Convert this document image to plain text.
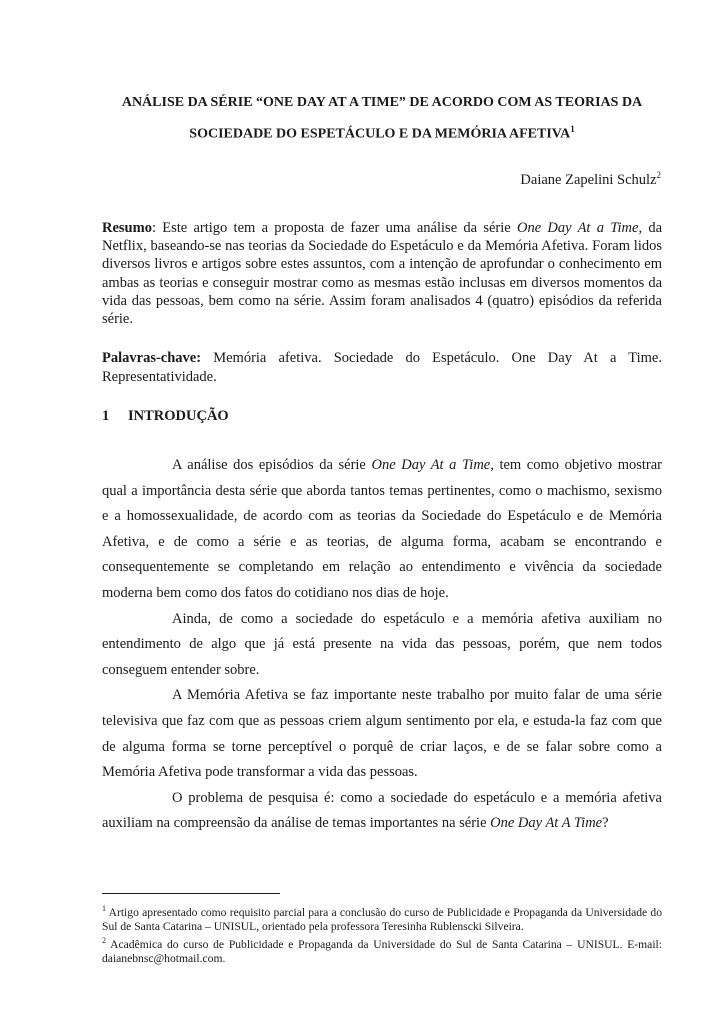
ANÁLISE DA SÉRIE “ONE DAY AT A TIME” DE ACORDO COM AS TEORIAS DA
SOCIEDADE DO ESPETÁCULO E DA MEMÓRIA AFETIVA$^1$
Daiane Zapelini Schulz$^2$
Resumo: Este artigo tem a proposta de fazer uma análise da série One Day At a Time, da Netflix, baseando-se nas teorias da Sociedade do Espetáculo e da Memória Afetiva. Foram lidos diversos livros e artigos sobre estes assuntos, com a intenção de aprofundar o conhecimento em ambas as teorias e conseguir mostrar como as mesmas estão inclusas em diversos momentos da vida das pessoas, bem como na série. Assim foram analisados 4 (quatro) episódios da referida série.
Palavras-chave: Memória afetiva. Sociedade do Espetáculo. One Day At a Time. Representatividade.
1 INTRODUÇÃO

A análise dos episódios da série One Day At a Time, tem como objetivo mostrar qual a importância desta série que aborda tantos temas pertinentes, como o machismo, sexismo e a homossexualidade, de acordo com as teorias da Sociedade do Espetáculo e de Memória Afetiva, e de como a série e as teorias, de alguma forma, acabam se encontrando e consequentemente se completando em relação ao entendimento e vivência da sociedade moderna bem como dos fatos do cotidiano nos dias de hoje.

Ainda, de como a sociedade do espetáculo e a memória afetiva auxiliam no entendimento de algo que já está presente na vida das pessoas, porém, que nem todos conseguem entender sobre.

A Memória Afetiva se faz importante neste trabalho por muito falar de uma série televisiva que faz com que as pessoas criem algum sentimento por ela, e estuda-la faz com que de alguma forma se torne perceptível o porquê de criar laços, e de se falar sobre como a Memória Afetiva pode transformar a vida das pessoas.

O problema de pesquisa é: como a sociedade do espetáculo e a memória afetiva auxiliam na compreensão da análise de temas importantes na série One Day At A Time?

$^1$ Artigo apresentado como requisito parcial para a conclusão do curso de Publicidade e Propaganda da Universidade do Sul de Santa Catarina – UNISUL, orientado pela professora Teresinha Rublenscki Silveira.

$^2$ Acadêmica do curso de Publicidade e Propaganda da Universidade do Sul de Santa Catarina – UNISUL. E-mail: daianebnsc@hotmail.com.
